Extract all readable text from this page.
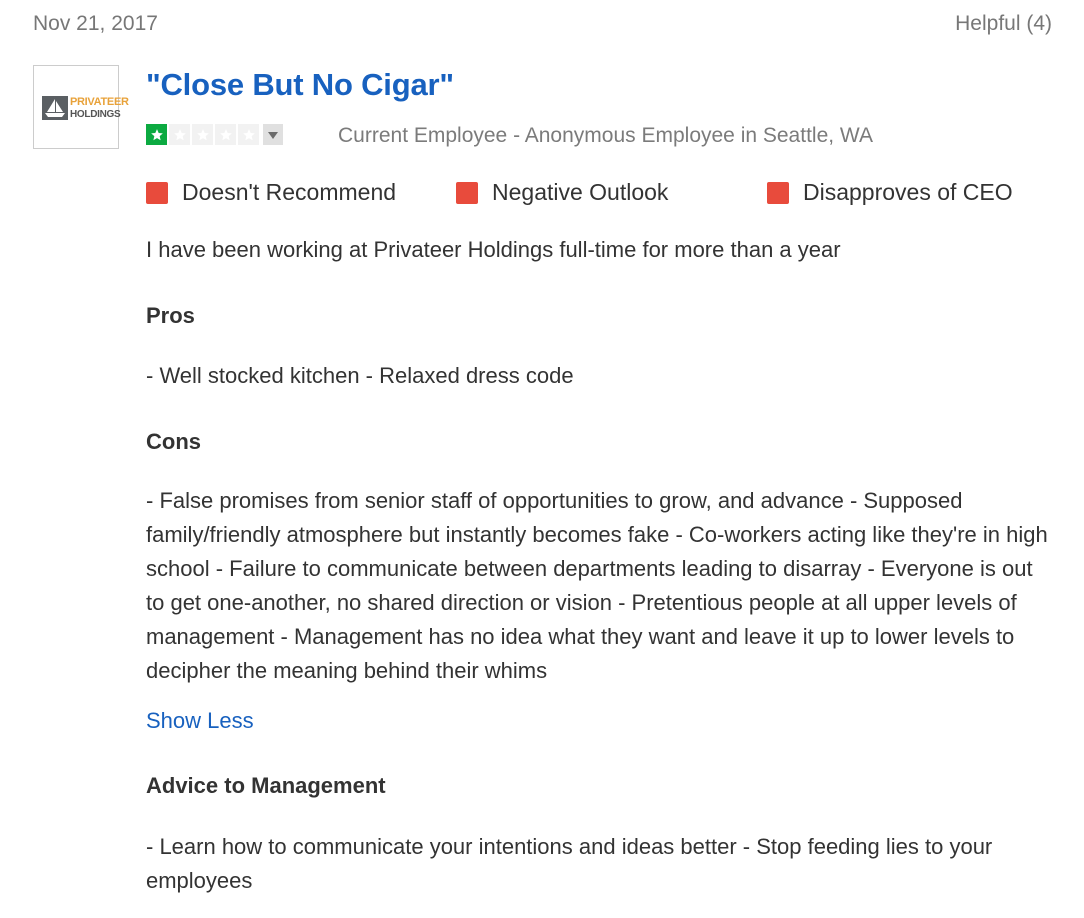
Nov 21, 2017	Helpful (4)
PRIVATEER
HOLDINGS
"Close But No Cigar"
Current Employee - Anonymous Employee in Seattle, WA
Doesn't Recommend	Negative Outlook	Disapproves of CEO
I have been working at Privateer Holdings full-time for more than a year
Pros
- Well stocked kitchen - Relaxed dress code
Cons
- False promises from senior staff of opportunities to grow, and advance - Supposed family/friendly atmosphere but instantly becomes fake - Co-workers acting like they're in high school - Failure to communicate between departments leading to disarray - Everyone is out to get one-another, no shared direction or vision - Pretentious people at all upper levels of management - Management has no idea what they want and leave it up to lower levels to decipher the meaning behind their whims
Show Less
Advice to Management
- Learn how to communicate your intentions and ideas better - Stop feeding lies to your employees
